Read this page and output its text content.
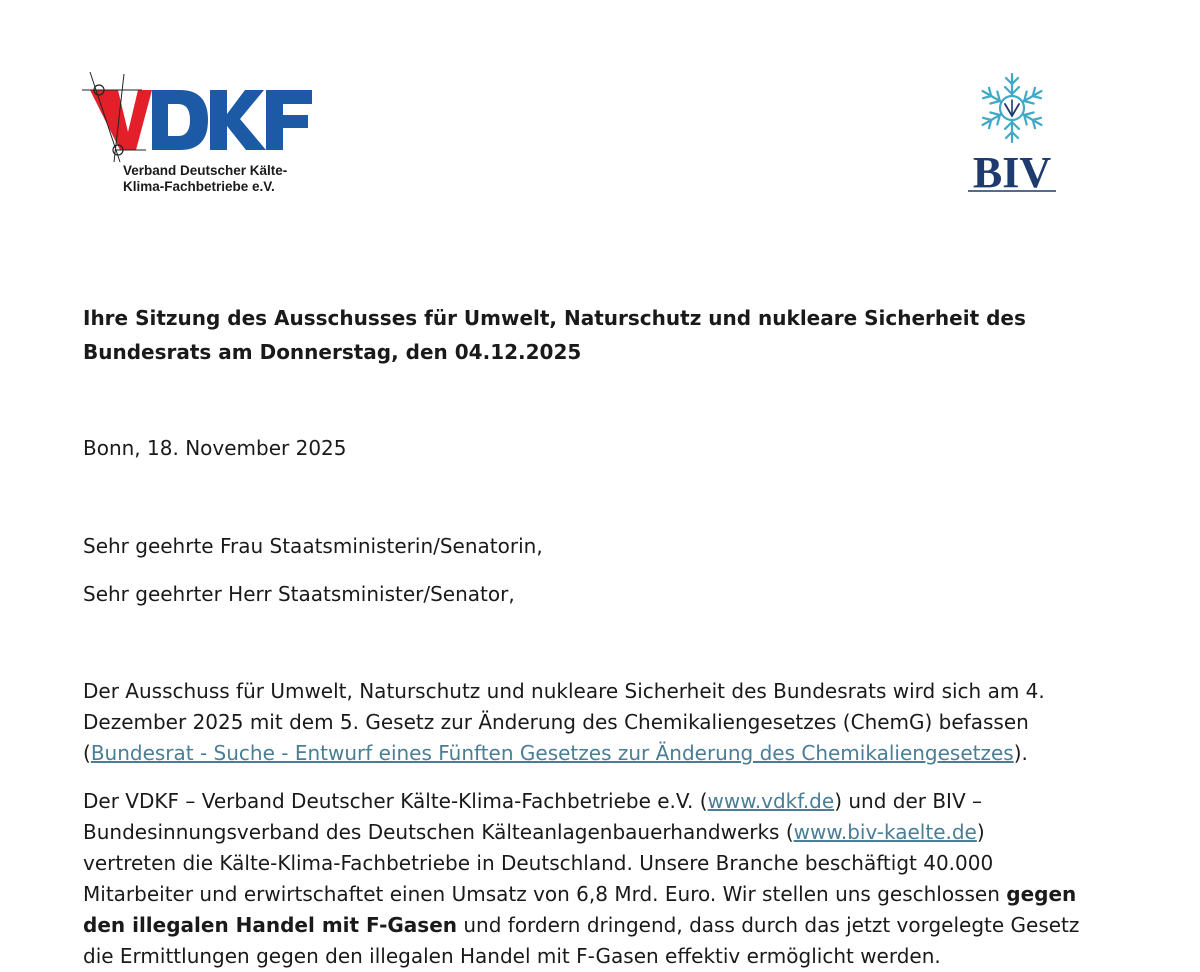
Verband Deutscher Kälte-
Klima-Fachbetriebe e.V.	BIV
Ihre Sitzung des Ausschusses für Umwelt, Naturschutz und nukleare Sicherheit des Bundesrats am Donnerstag, den 04.12.2025
Bonn, 18. November 2025
Sehr geehrte Frau Staatsministerin/Senatorin,
Sehr geehrter Herr Staatsminister/Senator,
Der Ausschuss für Umwelt, Naturschutz und nukleare Sicherheit des Bundesrats wird sich am 4. Dezember 2025 mit dem 5. Gesetz zur Änderung des Chemikaliengesetzes (ChemG) befassen (Bundesrat - Suche - Entwurf eines Fünften Gesetzes zur Änderung des Chemikaliengesetzes).
Der VDKF – Verband Deutscher Kälte-Klima-Fachbetriebe e.V. (www.vdkf.de) und der BIV – Bundesinnungsverband des Deutschen Kälteanlagenbauerhandwerks (www.biv-kaelte.de) vertreten die Kälte-Klima-Fachbetriebe in Deutschland. Unsere Branche beschäftigt 40.000 Mitarbeiter und erwirtschaftet einen Umsatz von 6,8 Mrd. Euro. Wir stellen uns geschlossen gegen den illegalen Handel mit F-Gasen und fordern dringend, dass durch das jetzt vorgelegte Gesetz die Ermittlungen gegen den illegalen Handel mit F-Gasen effektiv ermöglicht werden.
